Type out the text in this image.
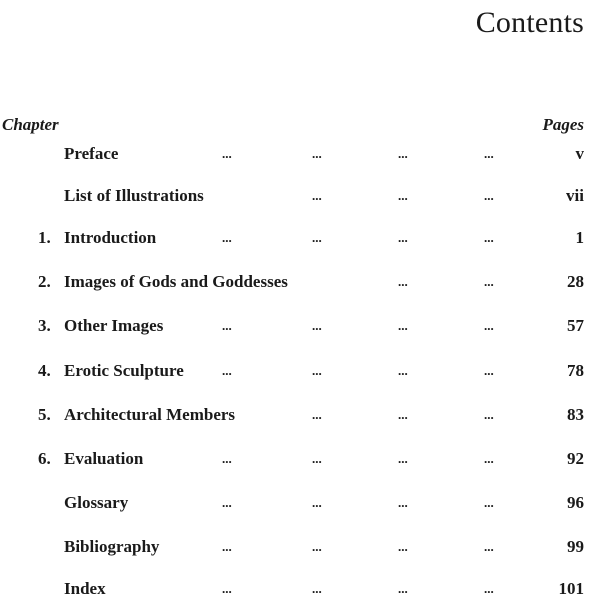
Contents
Chapter	Pages
Preface	...	...	...	...	v
List of Illustrations	...	...	...	vii
1. Introduction	...	...	...	...	1
2. Images of Gods and Goddesses	...	...	28
3. Other Images	...	...	...	...	57
4. Erotic Sculpture	...	...	...	...	78
5. Architectural Members	...	...	...	83
6. Evaluation	...	...	...	...	92
Glossary	...	...	...	...	96
Bibliography	...	...	...	...	99
Index	...	...	...	...	101
